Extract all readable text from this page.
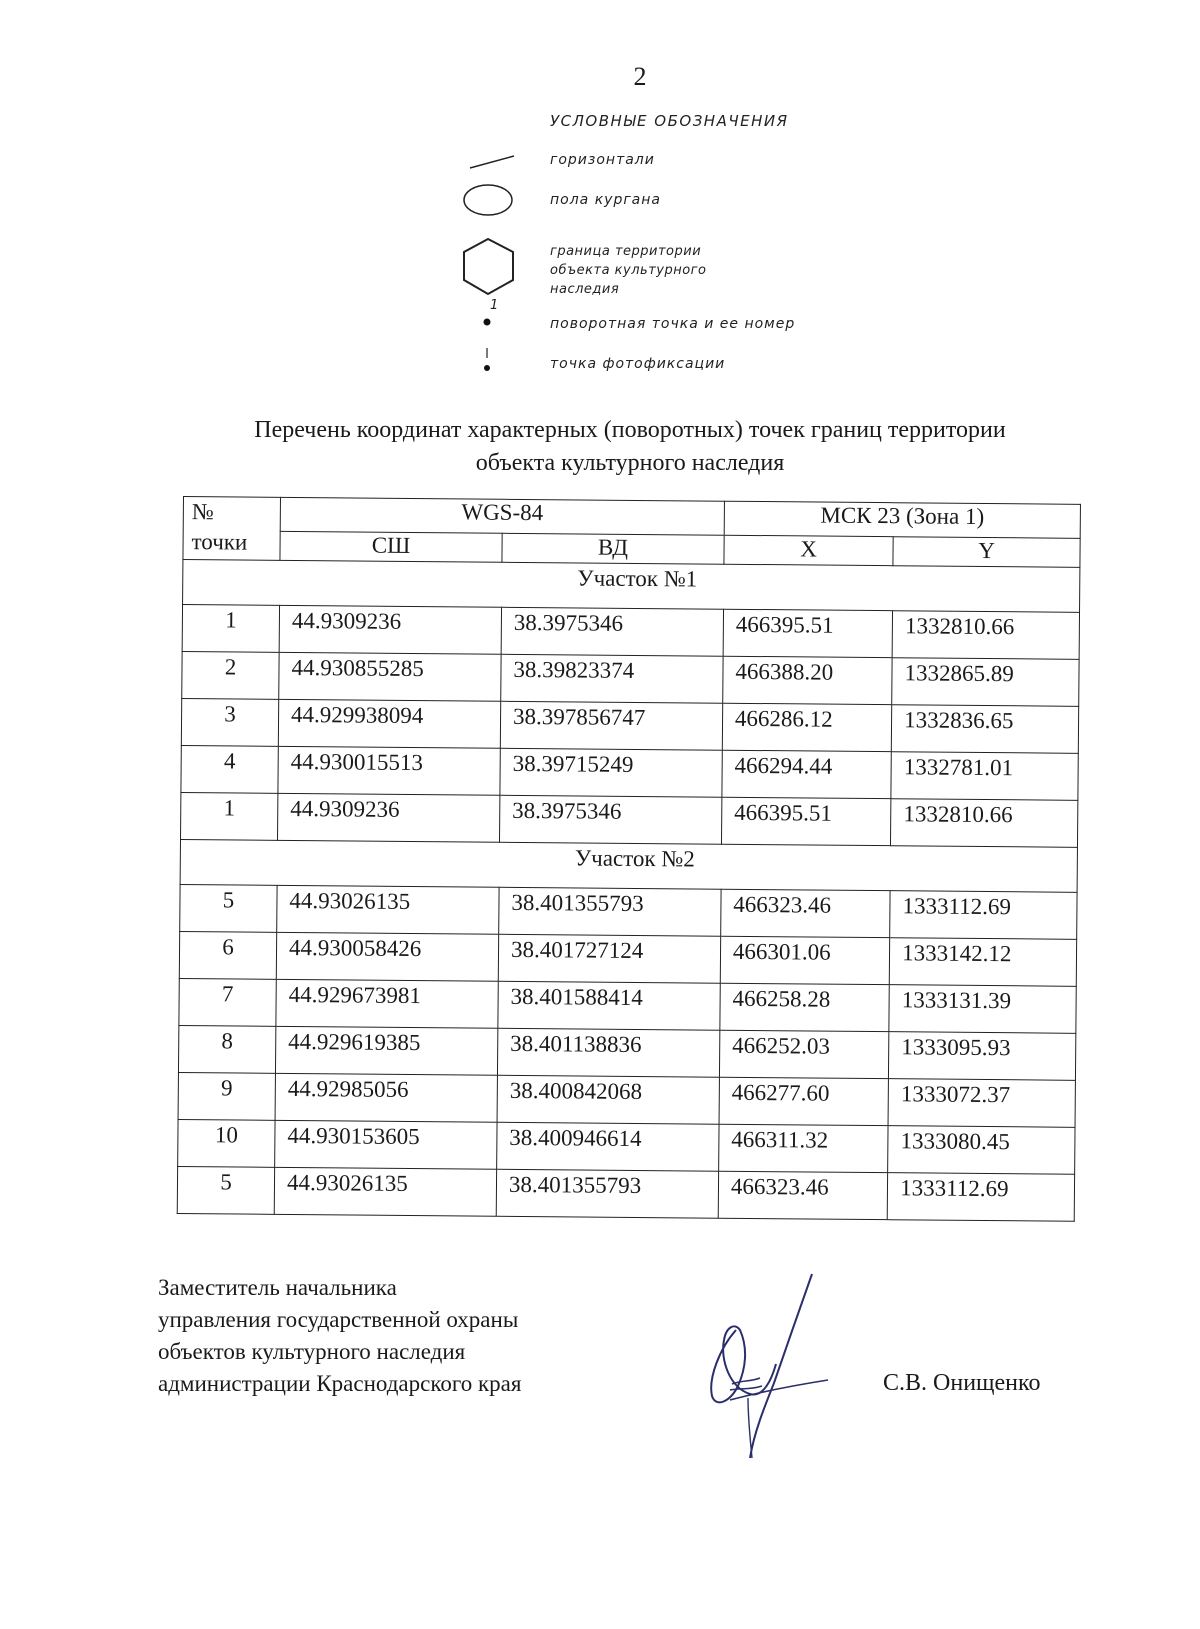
2
УСЛОВНЫЕ ОБОЗНАЧЕНИЯ
горизонтали
пола кургана
граница территории
объекта культурного
наследия
1
поворотная точка и ее номер
точка фотофиксации
Перечень координат характерных (поворотных) точек границ территории
объекта культурного наследия
№
точки	WGS-84		МСК 23 (Зона 1)	
	СШ	ВД	X	Y
Участок №1				
1	44.9309236	38.3975346	466395.51	1332810.66
2	44.930855285	38.39823374	466388.20	1332865.89
3	44.929938094	38.397856747	466286.12	1332836.65
4	44.930015513	38.39715249	466294.44	1332781.01
1	44.9309236	38.3975346	466395.51	1332810.66
Участок №2				
5	44.93026135	38.401355793	466323.46	1333112.69
6	44.930058426	38.401727124	466301.06	1333142.12
7	44.929673981	38.401588414	466258.28	1333131.39
8	44.929619385	38.401138836	466252.03	1333095.93
9	44.92985056	38.400842068	466277.60	1333072.37
10	44.930153605	38.400946614	466311.32	1333080.45
5	44.93026135	38.401355793	466323.46	1333112.69
Заместитель начальника
управления государственной охраны
объектов культурного наследия
администрации Краснодарского края	С.В. Онищенко
